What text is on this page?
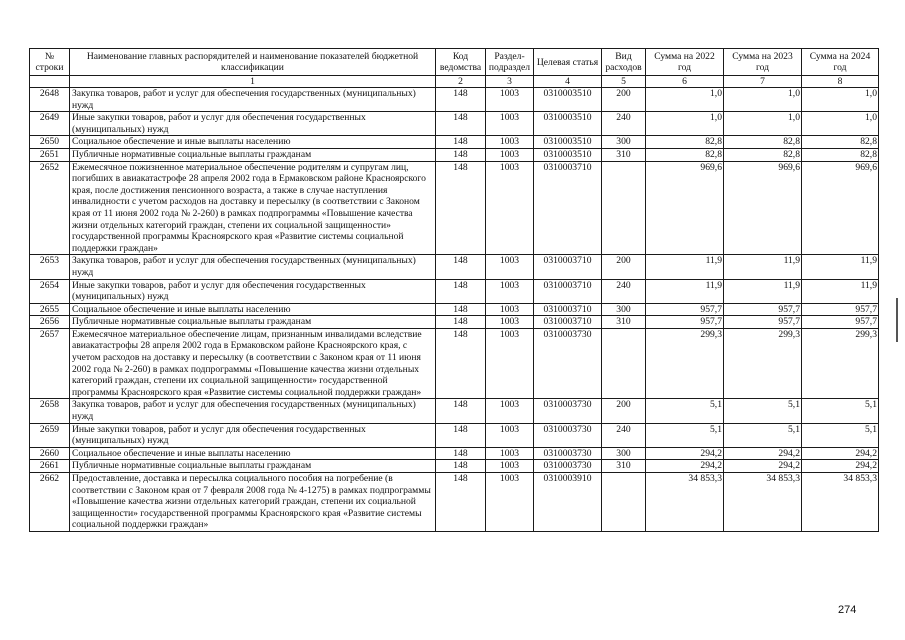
№ строки	Наименование главных распорядителей и наименование показателей бюджетной классификации	Код ведомства	Раздел-подраздел	Целевая статья	Вид расходов	Сумма на 2022 год	Сумма на 2023 год	Сумма на 2024 год
	1	2	3	4	5	6	7	8
2648	Закупка товаров, работ и услуг для обеспечения государственных (муниципальных) нужд	148	1003	0310003510	200	1,0	1,0	1,0
2649	Иные закупки товаров, работ и услуг для обеспечения государственных (муниципальных) нужд	148	1003	0310003510	240	1,0	1,0	1,0
2650	Социальное обеспечение и иные выплаты населению	148	1003	0310003510	300	82,8	82,8	82,8
2651	Публичные нормативные социальные выплаты гражданам	148	1003	0310003510	310	82,8	82,8	82,8
2652	Ежемесячное пожизненное материальное обеспечение родителям и супругам лиц, погибших в авиакатастрофе 28 апреля 2002 года в Ермаковском районе Красноярского края, после достижения пенсионного возраста, а также в случае наступления инвалидности с учетом расходов на доставку и пересылку (в соответствии с Законом края от 11 июня 2002 года № 2-260) в рамках подпрограммы «Повышение качества жизни отдельных категорий граждан, степени их социальной защищенности» государственной программы Красноярского края «Развитие системы социальной поддержки граждан»	148	1003	0310003710		969,6	969,6	969,6
2653	Закупка товаров, работ и услуг для обеспечения государственных (муниципальных) нужд	148	1003	0310003710	200	11,9	11,9	11,9
2654	Иные закупки товаров, работ и услуг для обеспечения государственных (муниципальных) нужд	148	1003	0310003710	240	11,9	11,9	11,9
2655	Социальное обеспечение и иные выплаты населению	148	1003	0310003710	300	957,7	957,7	957,7
2656	Публичные нормативные социальные выплаты гражданам	148	1003	0310003710	310	957,7	957,7	957,7
2657	Ежемесячное материальное обеспечение лицам, признанным инвалидами вследствие авиакатастрофы 28 апреля 2002 года в Ермаковском районе Красноярского края, с учетом расходов на доставку и пересылку (в соответствии с Законом края от 11 июня 2002 года № 2-260) в рамках подпрограммы «Повышение качества жизни отдельных категорий граждан, степени их социальной защищенности» государственной программы Красноярского края «Развитие системы социальной поддержки граждан»	148	1003	0310003730		299,3	299,3	299,3
2658	Закупка товаров, работ и услуг для обеспечения государственных (муниципальных) нужд	148	1003	0310003730	200	5,1	5,1	5,1
2659	Иные закупки товаров, работ и услуг для обеспечения государственных (муниципальных) нужд	148	1003	0310003730	240	5,1	5,1	5,1
2660	Социальное обеспечение и иные выплаты населению	148	1003	0310003730	300	294,2	294,2	294,2
2661	Публичные нормативные социальные выплаты гражданам	148	1003	0310003730	310	294,2	294,2	294,2
2662	Предоставление, доставка и пересылка социального пособия на погребение (в соответствии с Законом края от 7 февраля 2008 года № 4-1275) в рамках подпрограммы «Повышение качества жизни отдельных категорий граждан, степени их социальной защищенности» государственной программы Красноярского края «Развитие системы социальной поддержки граждан»	148	1003	0310003910		34 853,3	34 853,3	34 853,3
274
